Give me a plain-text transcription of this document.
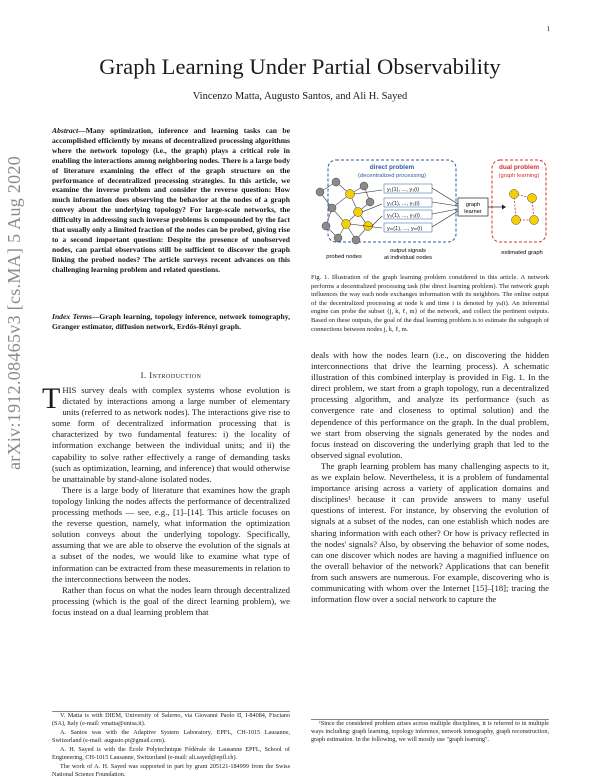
1
arXiv:1912.08465v3 [cs.MA] 5 Aug 2020
Graph Learning Under Partial Observability
Vincenzo Matta, Augusto Santos, and Ali H. Sayed
Abstract—Many optimization, inference and learning tasks can be accomplished efficiently by means of decentralized processing algorithms where the network topology (i.e., the graph) plays a critical role in enabling the interactions among neighboring nodes. There is a large body of literature examining the effect of the graph structure on the performance of decentralized processing strategies. In this article, we examine the inverse problem and consider the reverse question: How much information does observing the behavior at the nodes of a graph convey about the underlying topology? For large-scale networks, the difficulty in addressing such inverse problems is compounded by the fact that usually only a limited fraction of the nodes can be probed, giving rise to a second important question: Despite the presence of unobserved nodes, can partial observations still be sufficient to discover the graph linking the probed nodes? The article surveys recent advances on this challenging learning problem and related questions.
Index Terms—Graph learning, topology inference, network tomography, Granger estimator, diffusion network, Erdős-Rényi graph.
I. Introduction

THIS survey deals with complex systems whose evolution is dictated by interactions among a large number of elementary units (referred to as network nodes). The interactions give rise to some form of decentralized information processing that is characterized by two fundamental features: i) the locality of information exchange between the individual units; and ii) the capability to solve rather effectively a range of demanding tasks (such as optimization, learning, and inference) that would otherwise be unattainable by stand-alone isolated nodes.

There is a large body of literature that examines how the graph topology linking the nodes affects the performance of decentralized processing methods — see, e.g., [1]–[14]. This article focuses on the reverse question, namely, what information the optimization solution conveys about the underlying topology. Specifically, assuming that we are able to observe the evolution of the signals at a subset of the nodes, we would like to examine what type of information can be extracted from these measurements in relation to the interconnections between the nodes.

Rather than focus on what the nodes learn through decentralized processing (which is the goal of the direct learning problem), we focus instead on a dual learning problem that

V. Matta is with DIEM, University of Salerno, via Giovanni Paolo II, I-84084, Fisciano (SA), Italy (e-mail: vmatta@unisa.it).

A. Santos was with the Adaptive System Laboratory, EPFL, CH-1015 Lausanne, Switzerland (e-mail: augusto.pt@gmail.com).

A. H. Sayed is with the École Polytechnique Fédérale de Lausanne EPFL, School of Engineering, CH-1015 Lausanne, Switzerland (e-mail: ali.sayed@epfl.ch).

The work of A. H. Sayed was supported in part by grant 205121-184999 from the Swiss National Science Foundation.

direct problem
(decentralized processing)
dual problem
(graph learning)
y₁(1), ..., y₁(i)
y₂(1), ..., y₂(i)
y₃(1), ..., y₃(i)
yₘ(1), ..., yₘ(i)
graph
learner
probed nodes
output signals
at individual nodes
estimated graph
Fig. 1. Illustration of the graph learning problem considered in this article. A network performs a decentralized processing task (the direct learning problem). The network graph influences the way each node exchanges information with its neighbors. The online output of the decentralized processing at node k and time i is denoted by yₖ(i). An inferential engine can probe the subset {j, k, ℓ, m} of the network, and collect the pertinent outputs. Based on these outputs, the goal of the dual learning problem is to estimate the subgraph of connections between nodes j, k, ℓ, m.

deals with how the nodes learn (i.e., on discovering the hidden interconnections that drive the learning process). A schematic illustration of this combined interplay is provided in Fig. 1. In the direct problem, we start from a graph topology, run a decentralized processing algorithm, and analyze its performance (such as convergence rate and closeness to optimal solution) and the dependence of this performance on the graph. In the dual problem, we start from observing the signals generated by the nodes and focus instead on discovering the underlying graph that led to the observed signal evolution.

The graph learning problem has many challenging aspects to it, as we explain below. Nevertheless, it is a problem of fundamental importance arising across a variety of application domains and disciplines¹ because it can provide answers to many useful questions of interest. For instance, by observing the evolution of signals at a subset of the nodes, can one establish which nodes are sharing information with each other? Or how is privacy reflected in the nodes' signals? Also, by observing the behavior of some nodes, can one discover which nodes are having a magnified influence on the overall behavior of the network? Applications that can benefit from such answers are numerous. For example, discovering who is communicating with whom over the Internet [15]–[18]; tracing the information flow over a social network to capture the

¹Since the considered problem arises across multiple disciplines, it is referred to in multiple ways including: graph learning, topology inference, network tomography, graph reconstruction, graph estimation. In the following, we will mostly use "graph learning".
